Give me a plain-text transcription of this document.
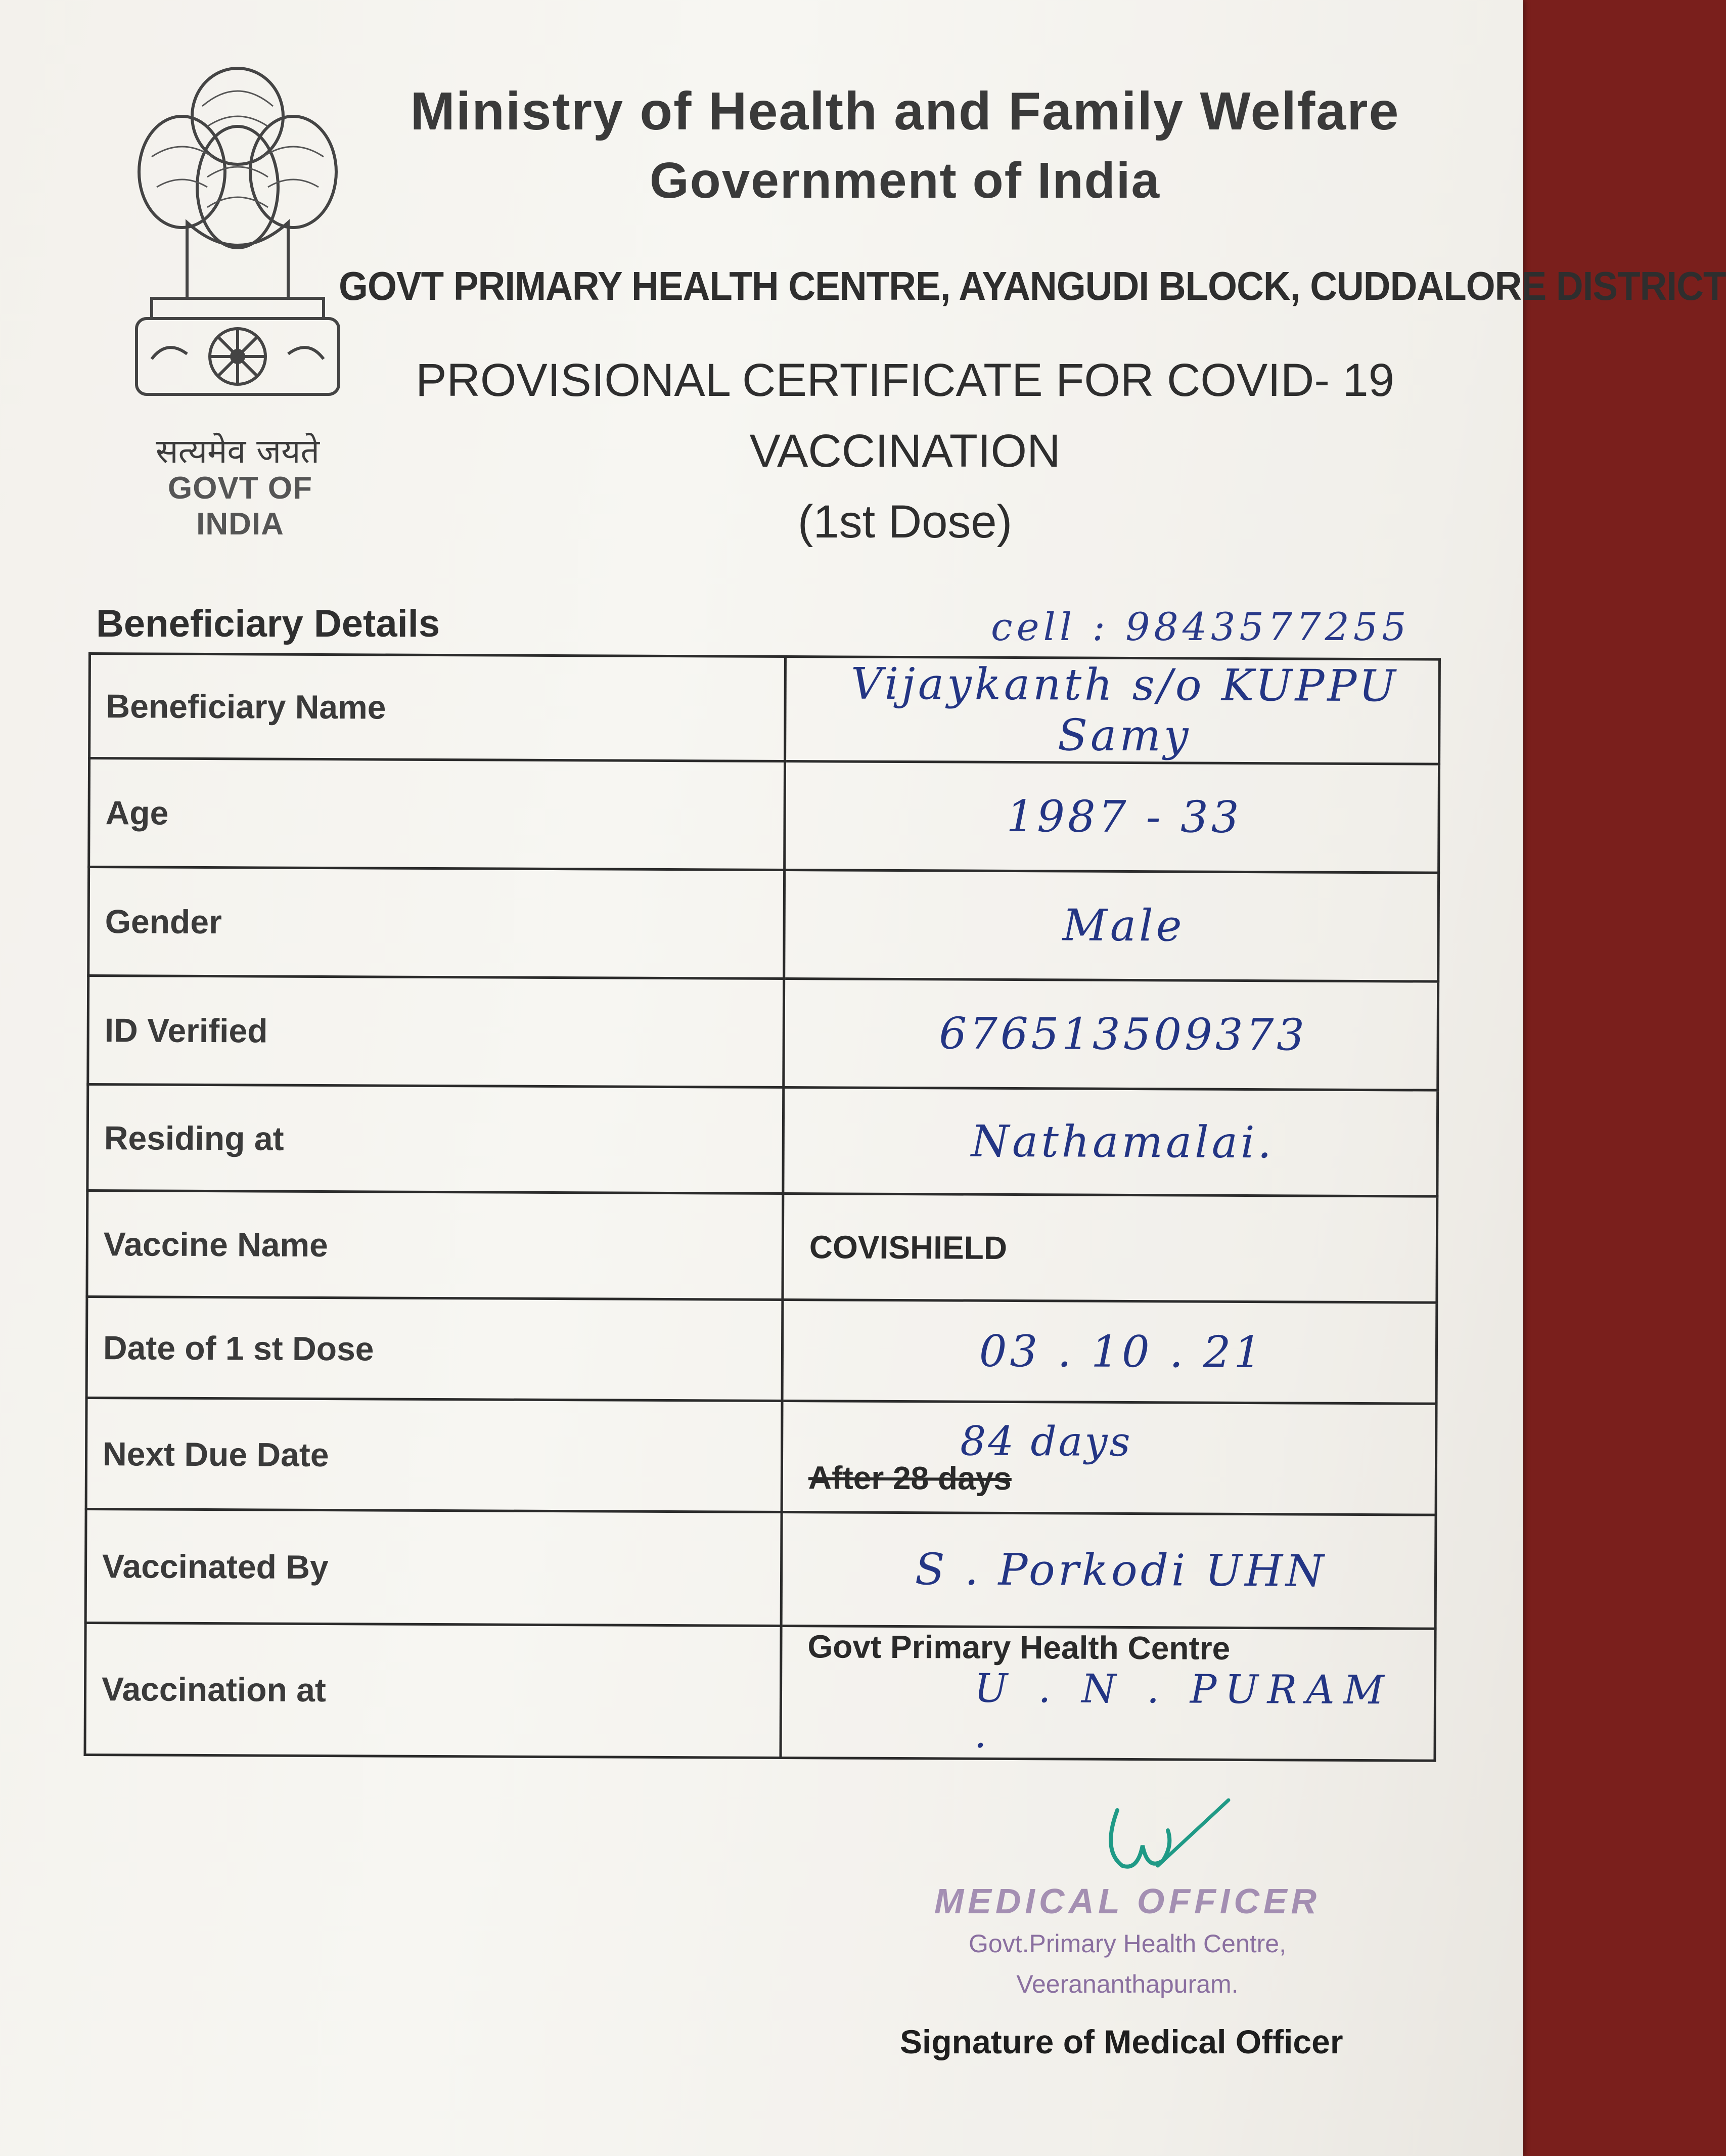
सत्यमेव जयते
GOVT OF INDIA
Ministry of Health and Family Welfare
Government of India
GOVT PRIMARY HEALTH CENTRE, AYANGUDI BLOCK, CUDDALORE DISTRICT
PROVISIONAL CERTIFICATE FOR COVID- 19
VACCINATION
(1st Dose)
Beneficiary Details	cell : 9843577255
Beneficiary Name	Vijaykanth s/o KUPPU Samy

Age	1987 - 33

Gender	Male

ID Verified	676513509373

Residing at	Nathamalai.

Vaccine Name	COVISHIELD

Date of 1 st Dose	03 . 10 . 21

Next Due Date	84 days
After 28 days

Vaccinated By	S . Porkodi UHN

Vaccination at	Govt Primary Health Centre
U . N . PURAM .
MEDICAL OFFICER
Govt.Primary Health Centre,
Veerananthapuram.
Signature of Medical Officer
